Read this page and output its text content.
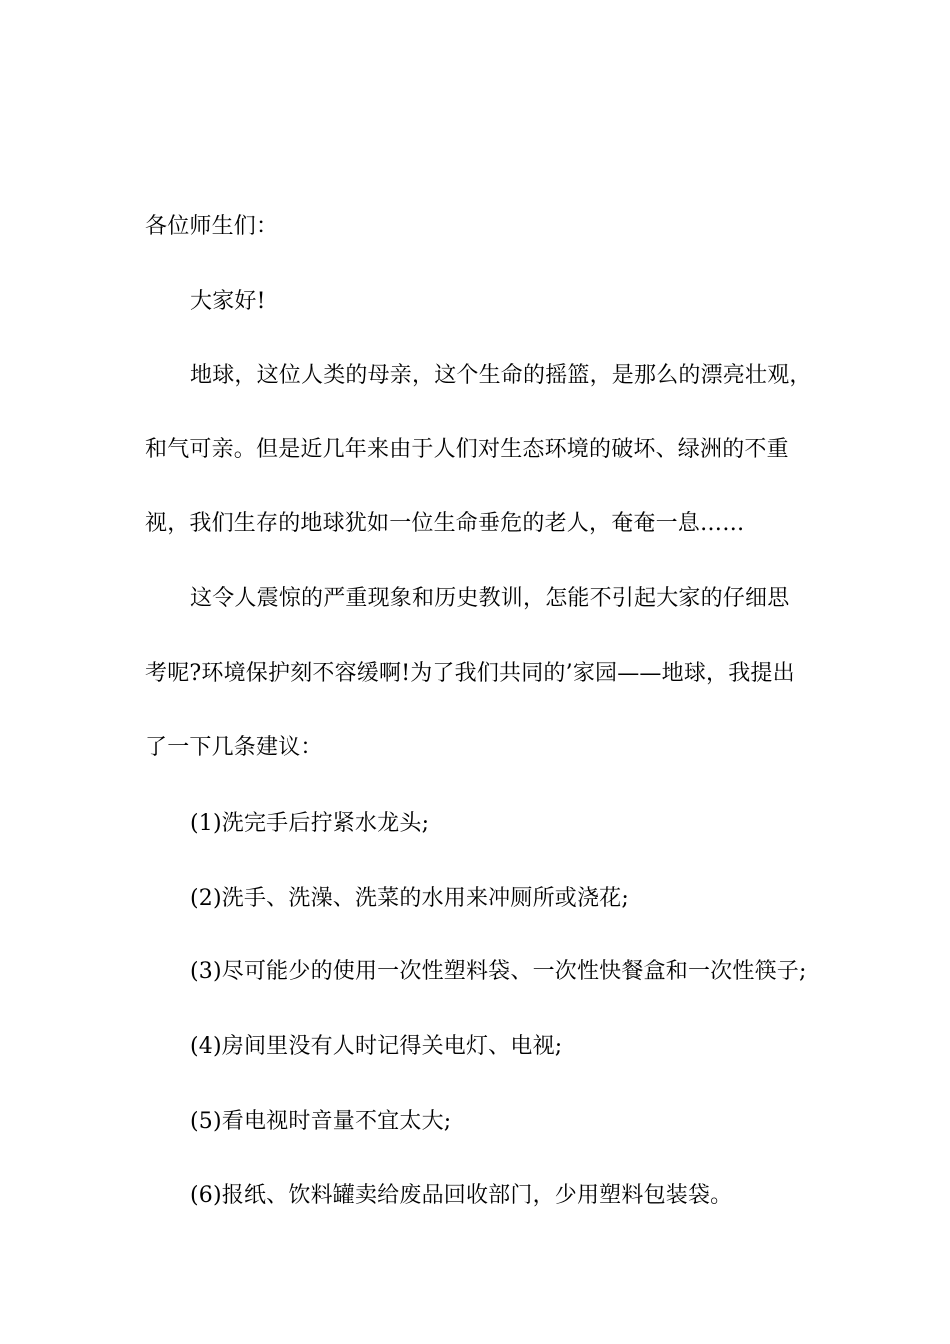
各位师生们：
大家好!
地球，这位人类的母亲，这个生命的摇篮，是那么的漂亮壮观，
和气可亲。但是近几年来由于人们对生态环境的破坏、绿洲的不重
视，我们生存的地球犹如一位生命垂危的老人，奄奄一息……
这令人震惊的严重现象和历史教训，怎能不引起大家的仔细思
考呢?环境保护刻不容缓啊!为了我们共同的’家园——地球，我提出
了一下几条建议：
(1)洗完手后拧紧水龙头;
(2)洗手、洗澡、洗菜的水用来冲厕所或浇花;
(3)尽可能少的使用一次性塑料袋、一次性快餐盒和一次性筷子;
(4)房间里没有人时记得关电灯、电视;
(5)看电视时音量不宜太大;
(6)报纸、饮料罐卖给废品回收部门，少用塑料包装袋。
